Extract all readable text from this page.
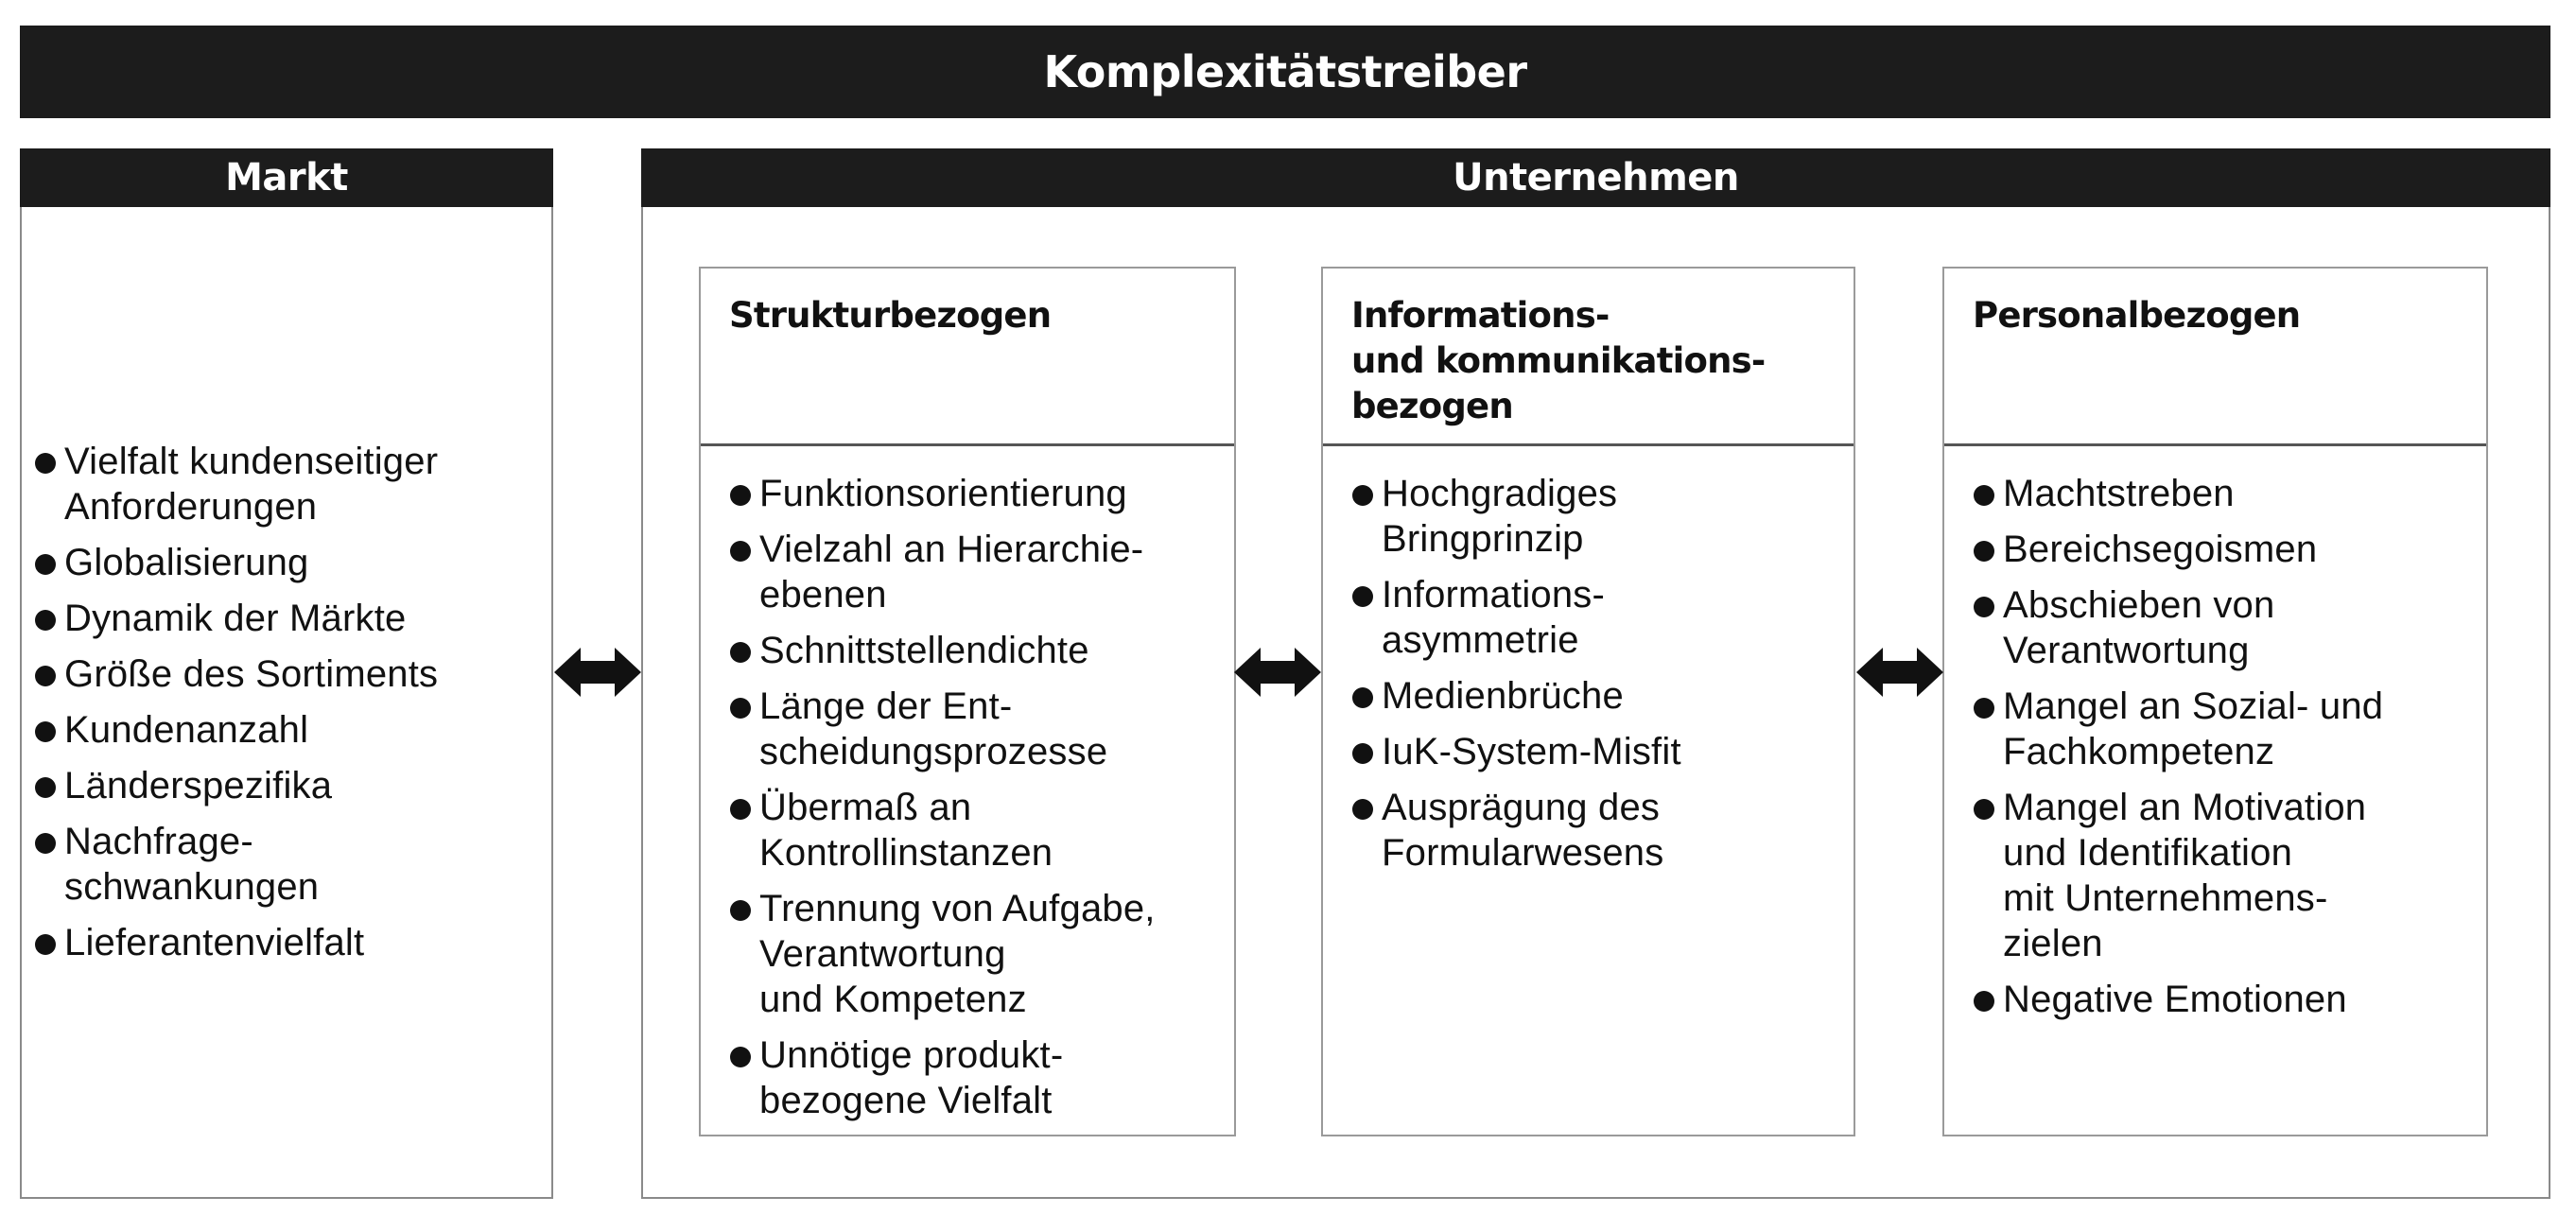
Komplexitätstreiber
Markt
Vielfalt kundenseitiger
Anforderungen
Globalisierung
Dynamik der Märkte
Größe des Sortiments
Kundenanzahl
Länderspezifika
Nachfrage-
schwankungen
Lieferantenvielfalt
Unternehmen
Strukturbezogen
Funktionsorientierung
Vielzahl an Hierarchie-
ebenen
Schnittstellendichte
Länge der Ent-
scheidungsprozesse
Übermaß an
Kontrollinstanzen
Trennung von Aufgabe,
Verantwortung
und Kompetenz
Unnötige produkt-
bezogene Vielfalt
Informations-
und kommunikations-
bezogen
Hochgradiges
Bringprinzip
Informations-
asymmetrie
Medienbrüche
IuK-System-Misfit
Ausprägung des
Formularwesens
Personalbezogen
Machtstreben
Bereichsegoismen
Abschieben von
Verantwortung
Mangel an Sozial- und
Fachkompetenz
Mangel an Motivation
und Identifikation
mit Unternehmens-
zielen
Negative Emotionen
